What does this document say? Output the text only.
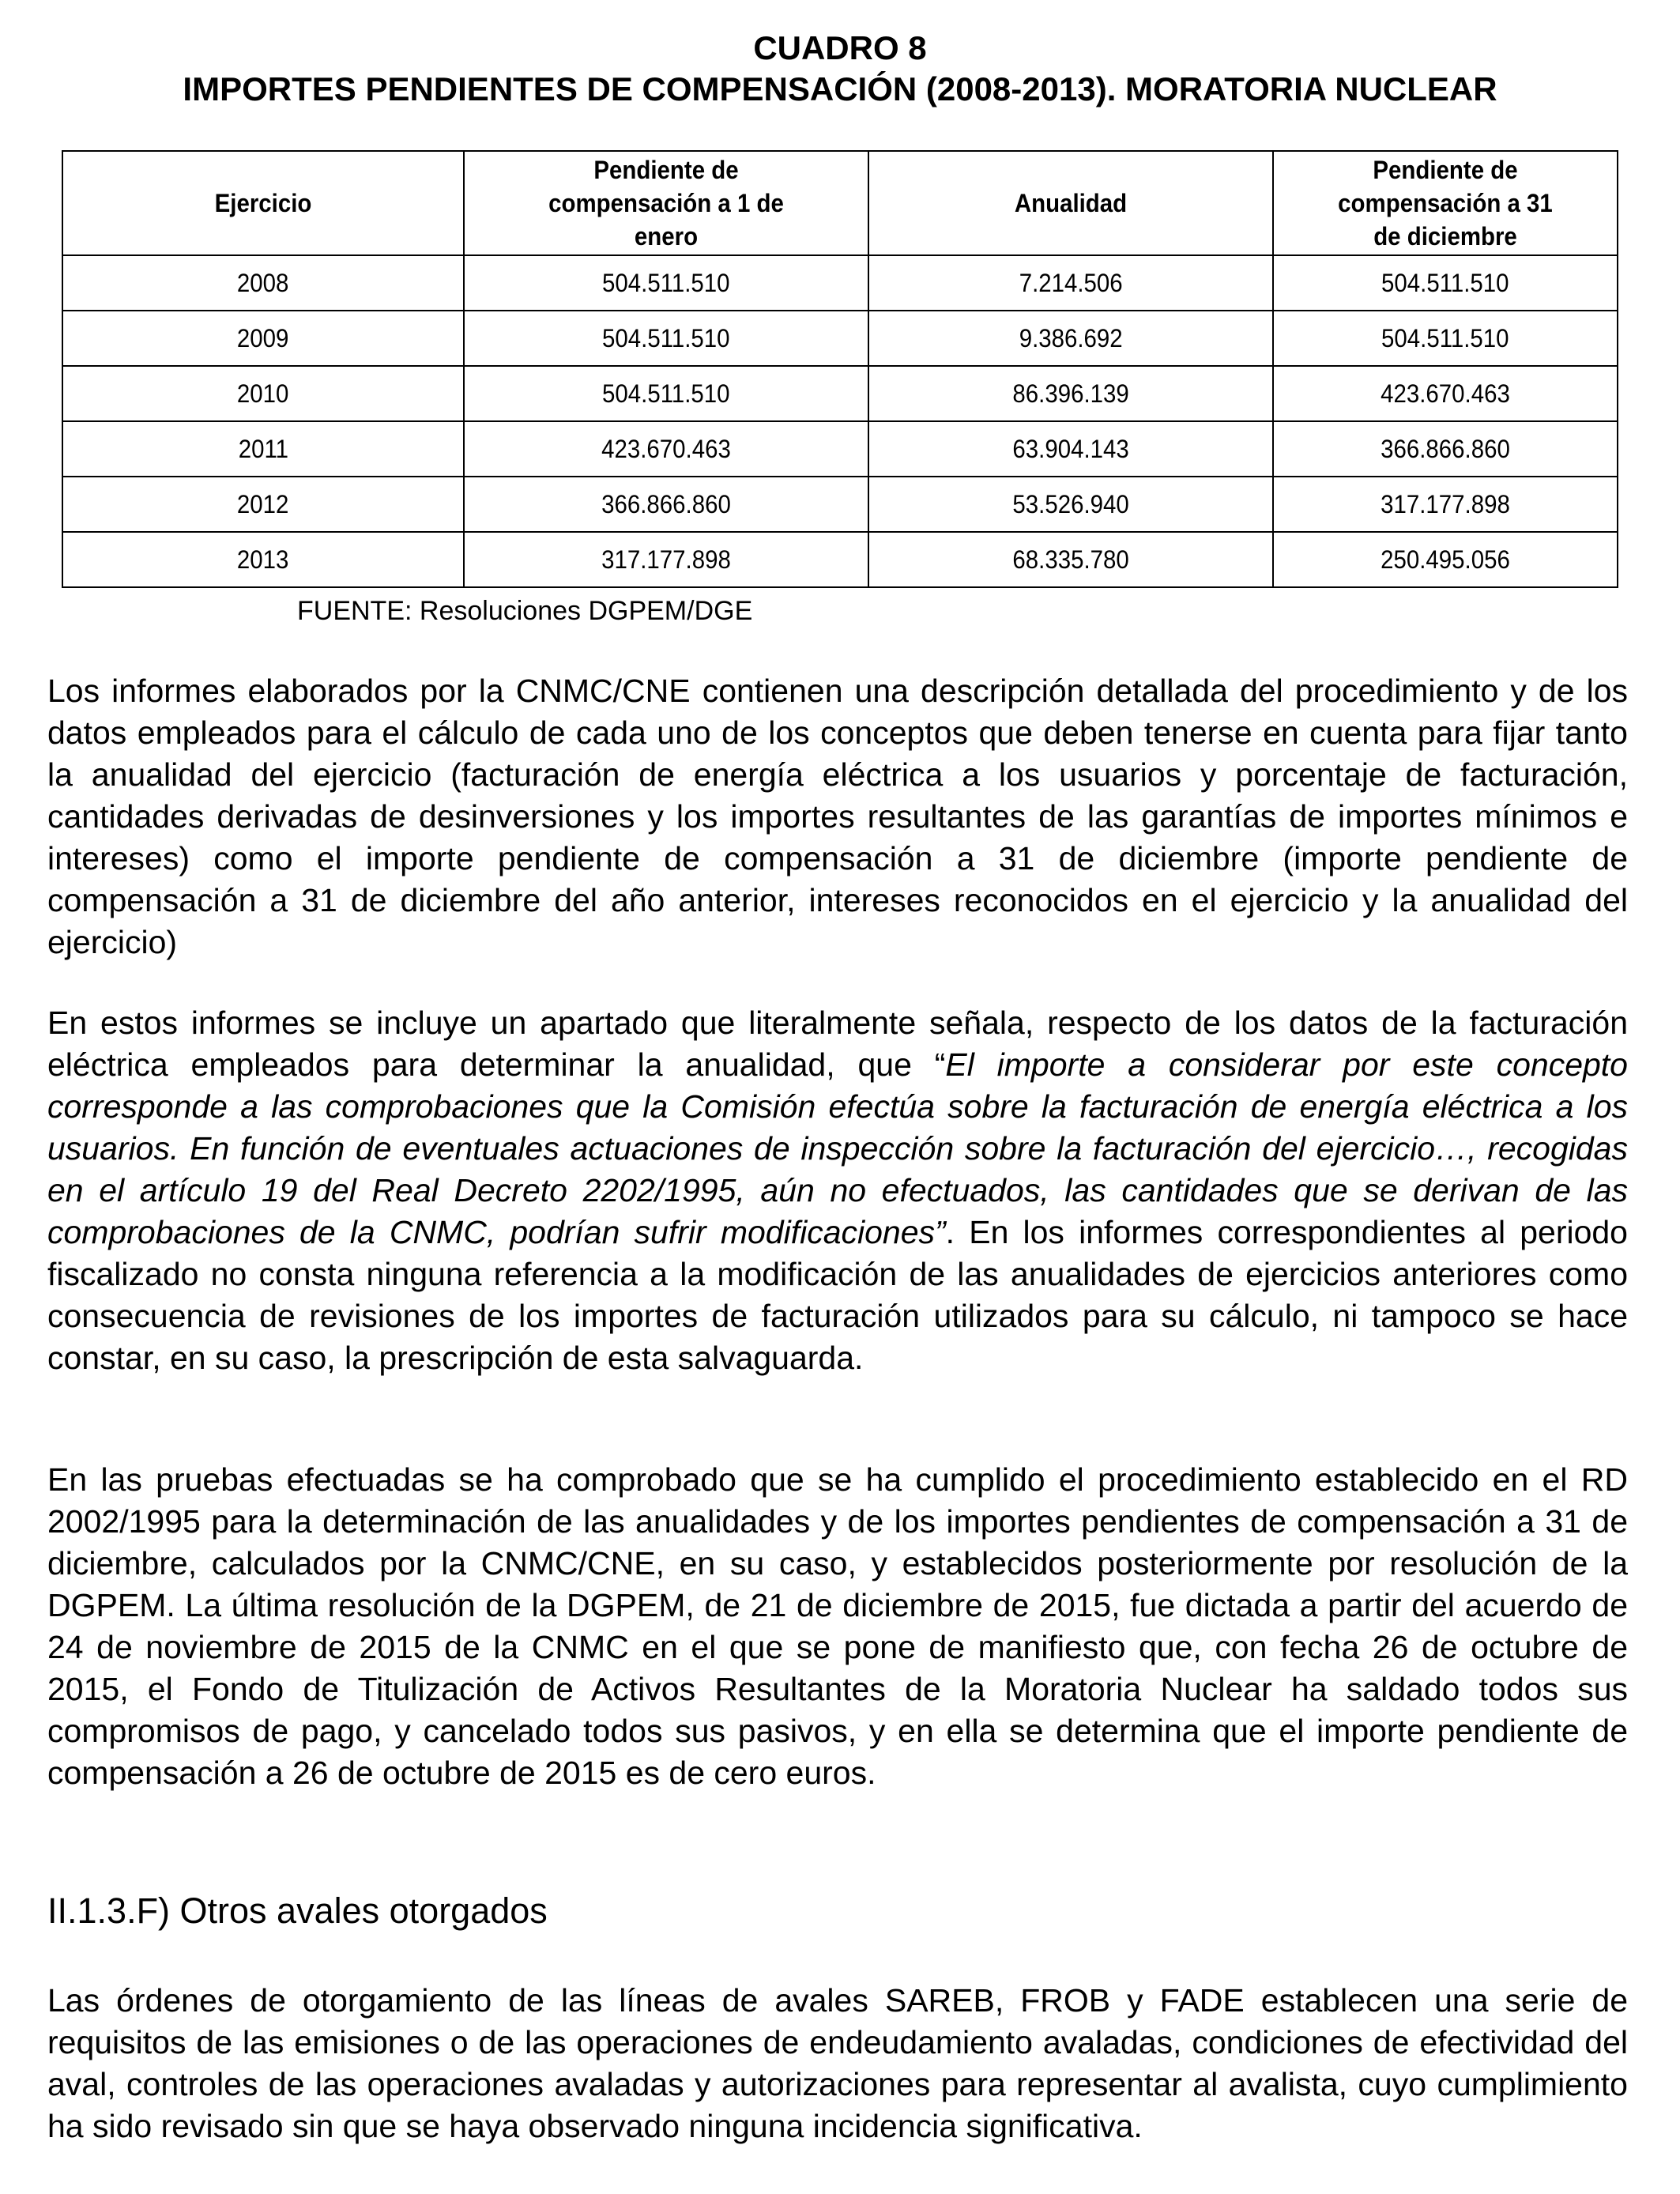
CUADRO 8
IMPORTES PENDIENTES DE COMPENSACIÓN (2008-2013). MORATORIA NUCLEAR
Ejercicio	Pendiente de compensación a 1 de enero	Anualidad	Pendiente de compensación a 31 de diciembre
2008	504.511.510	7.214.506	504.511.510
2009	504.511.510	9.386.692	504.511.510
2010	504.511.510	86.396.139	423.670.463
2011	423.670.463	63.904.143	366.866.860
2012	366.866.860	53.526.940	317.177.898
2013	317.177.898	68.335.780	250.495.056

FUENTE: Resoluciones DGPEM/DGE

Los informes elaborados por la CNMC/CNE contienen una descripción detallada del procedimiento y de los datos empleados para el cálculo de cada uno de los conceptos que deben tenerse en cuenta para fijar tanto la anualidad del ejercicio (facturación de energía eléctrica a los usuarios y porcentaje de facturación, cantidades derivadas de desinversiones y los importes resultantes de las garantías de importes mínimos e intereses) como el importe pendiente de compensación a 31 de diciembre (importe pendiente de compensación a 31 de diciembre del año anterior, intereses reconocidos en el ejercicio y la anualidad del ejercicio)

En estos informes se incluye un apartado que literalmente señala, respecto de los datos de la facturación eléctrica empleados para determinar la anualidad, que “El importe a considerar por este concepto corresponde a las comprobaciones que la Comisión efectúa sobre la facturación de energía eléctrica a los usuarios. En función de eventuales actuaciones de inspección sobre la facturación del ejercicio…, recogidas en el artículo 19 del Real Decreto 2202/1995, aún no efectuados, las cantidades que se derivan de las comprobaciones de la CNMC, podrían sufrir modificaciones”. En los informes correspondientes al periodo fiscalizado no consta ninguna referencia a la modificación de las anualidades de ejercicios anteriores como consecuencia de revisiones de los importes de facturación utilizados para su cálculo, ni tampoco se hace constar, en su caso, la prescripción de esta salvaguarda.

En las pruebas efectuadas se ha comprobado que se ha cumplido el procedimiento establecido en el RD 2002/1995 para la determinación de las anualidades y de los importes pendientes de compensación a 31 de diciembre, calculados por la CNMC/CNE, en su caso, y establecidos posteriormente por resolución de la DGPEM. La última resolución de la DGPEM, de 21 de diciembre de 2015, fue dictada a partir del acuerdo de 24 de noviembre de 2015 de la CNMC en el que se pone de manifiesto que, con fecha 26 de octubre de 2015, el Fondo de Titulización de Activos Resultantes de la Moratoria Nuclear ha saldado todos sus compromisos de pago, y cancelado todos sus pasivos, y en ella se determina que el importe pendiente de compensación a 26 de octubre de 2015 es de cero euros.

II.1.3.F) Otros avales otorgados

Las órdenes de otorgamiento de las líneas de avales SAREB, FROB y FADE establecen una serie de requisitos de las emisiones o de las operaciones de endeudamiento avaladas, condiciones de efectividad del aval, controles de las operaciones avaladas y autorizaciones para representar al avalista, cuyo cumplimiento ha sido revisado sin que se haya observado ninguna incidencia significativa.
